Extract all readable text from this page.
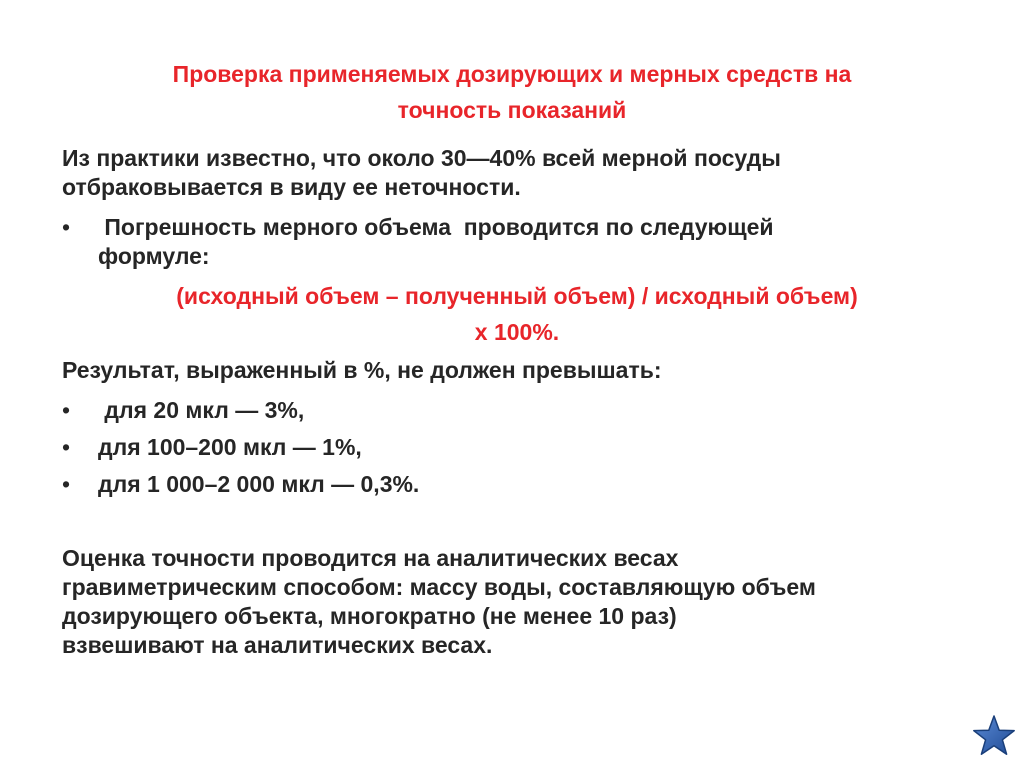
Проверка применяемых дозирующих и мерных средств на
точность показаний
Из практики известно, что около 30—40% всей мерной посуды
отбраковывается в виду ее неточности.
•	Погрешность мерного объема  проводится по следующей
формуле:
(исходный объем – полученный объем) / исходный объем)
х 100%.
Результат, выраженный в %, не должен превышать:
•	для 20 мкл — 3%,
•	для 100–200 мкл — 1%,
•	для 1 000–2 000 мкл — 0,3%.
Оценка точности проводится на аналитических весах
гравиметрическим способом: массу воды, составляющую объем
дозирующего объекта, многократно (не менее 10 раз)
взвешивают на аналитических весах.
